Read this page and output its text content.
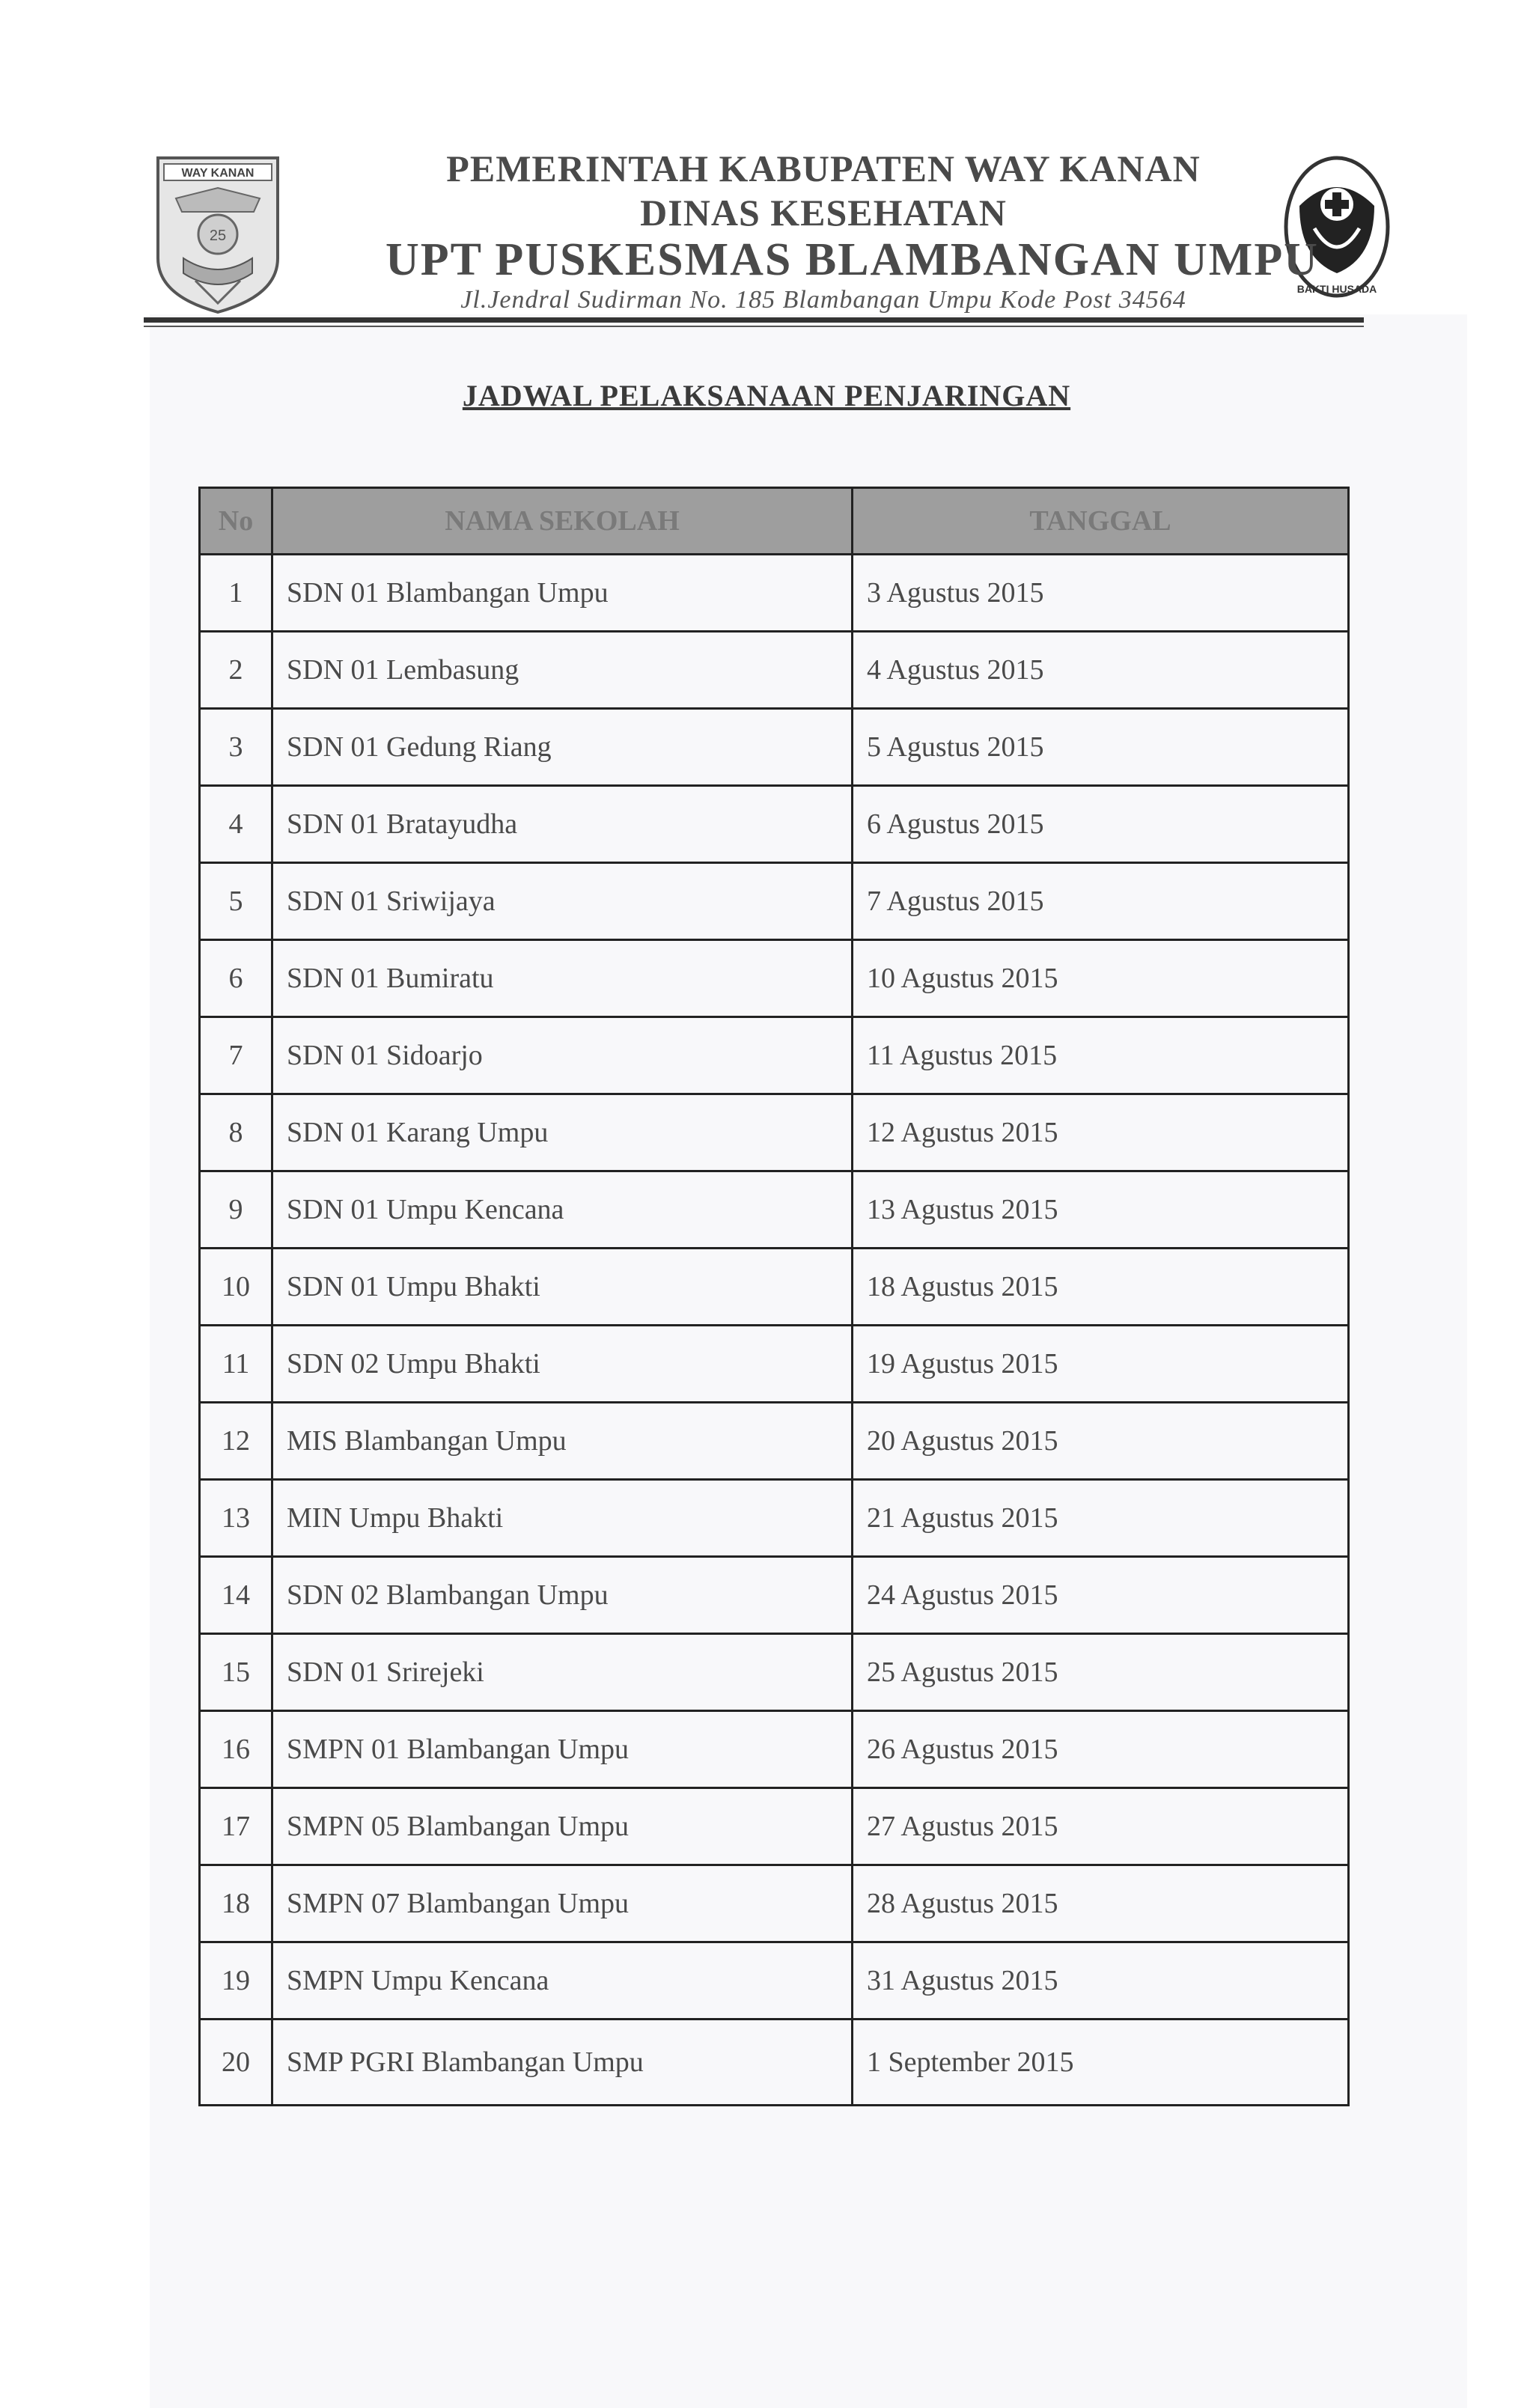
WAY KANAN
25
BAKTI HUSADA
PEMERINTAH KABUPATEN WAY KANAN
DINAS KESEHATAN
UPT PUSKESMAS BLAMBANGAN UMPU
Jl.Jendral Sudirman No. 185 Blambangan Umpu Kode Post 34564
JADWAL PELAKSANAAN PENJARINGAN
No	NAMA SEKOLAH	TANGGAL
1	SDN 01 Blambangan Umpu	3 Agustus 2015
2	SDN 01 Lembasung	4 Agustus 2015
3	SDN 01 Gedung Riang	5 Agustus 2015
4	SDN 01 Bratayudha	6 Agustus 2015
5	SDN 01 Sriwijaya	7 Agustus 2015
6	SDN 01 Bumiratu	10 Agustus 2015
7	SDN 01 Sidoarjo	11 Agustus 2015
8	SDN 01 Karang Umpu	12 Agustus 2015
9	SDN 01 Umpu Kencana	13 Agustus 2015
10	SDN 01 Umpu Bhakti	18 Agustus 2015
11	SDN 02 Umpu Bhakti	19 Agustus 2015
12	MIS Blambangan Umpu	20 Agustus 2015
13	MIN Umpu Bhakti	21 Agustus 2015
14	SDN 02 Blambangan Umpu	24 Agustus 2015
15	SDN 01 Srirejeki	25 Agustus 2015
16	SMPN 01 Blambangan Umpu	26 Agustus 2015
17	SMPN 05 Blambangan Umpu	27 Agustus 2015
18	SMPN 07 Blambangan Umpu	28 Agustus 2015
19	SMPN Umpu Kencana	31 Agustus 2015
20	SMP PGRI Blambangan Umpu	1 September 2015
